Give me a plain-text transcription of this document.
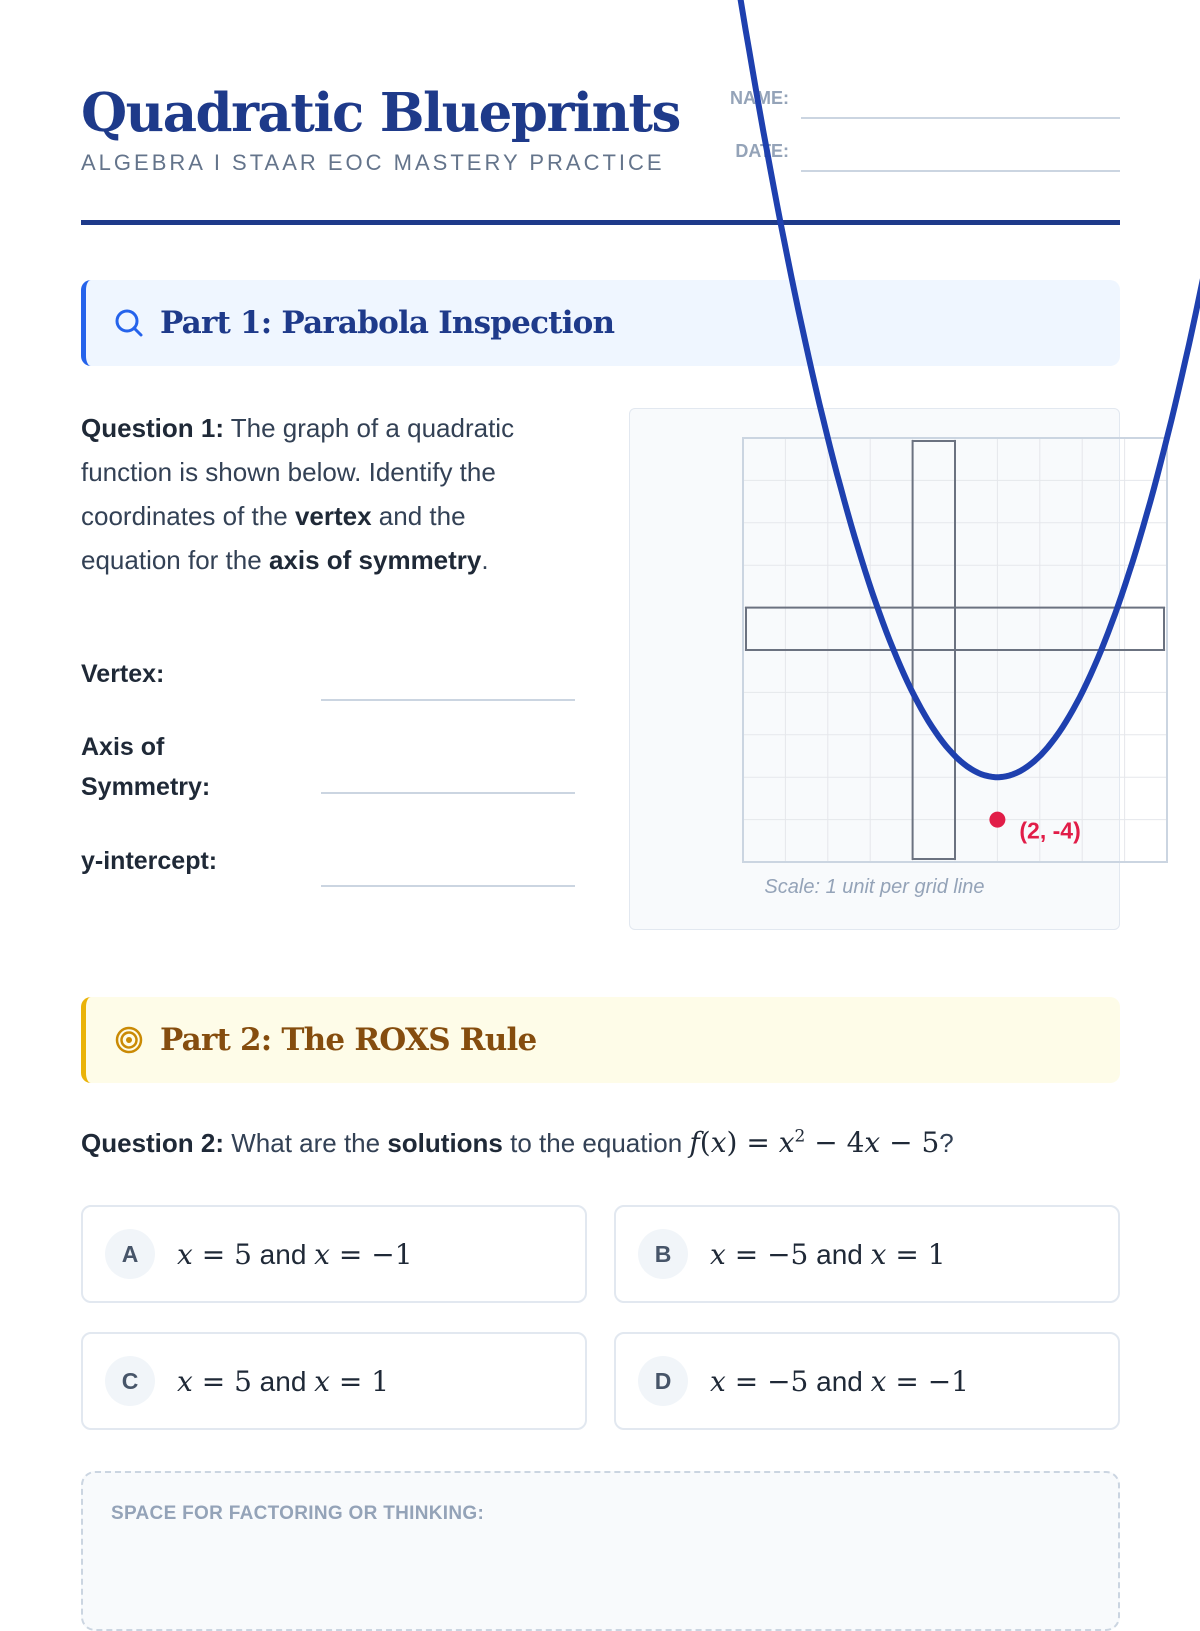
Quadratic Blueprints
ALGEBRA I STAAR EOC MASTERY PRACTICE
NAME:
DATE:
Part 1: Parabola Inspection
Question 1: The graph of a quadratic function is shown below. Identify the coordinates of the vertex and the equation for the axis of symmetry.
Vertex:
Axis of
Symmetry:
y-intercept:
(2, -4)
Scale: 1 unit per grid line
Part 2: The ROXS Rule
Question 2: What are the solutions to the equation $f(x) = x^2 - 4x - 5$?
A	x = 5 and x = −1	B	x = −5 and x = 1
C	x = 5 and x = 1	D	x = −5 and x = −1
SPACE FOR FACTORING OR THINKING:
